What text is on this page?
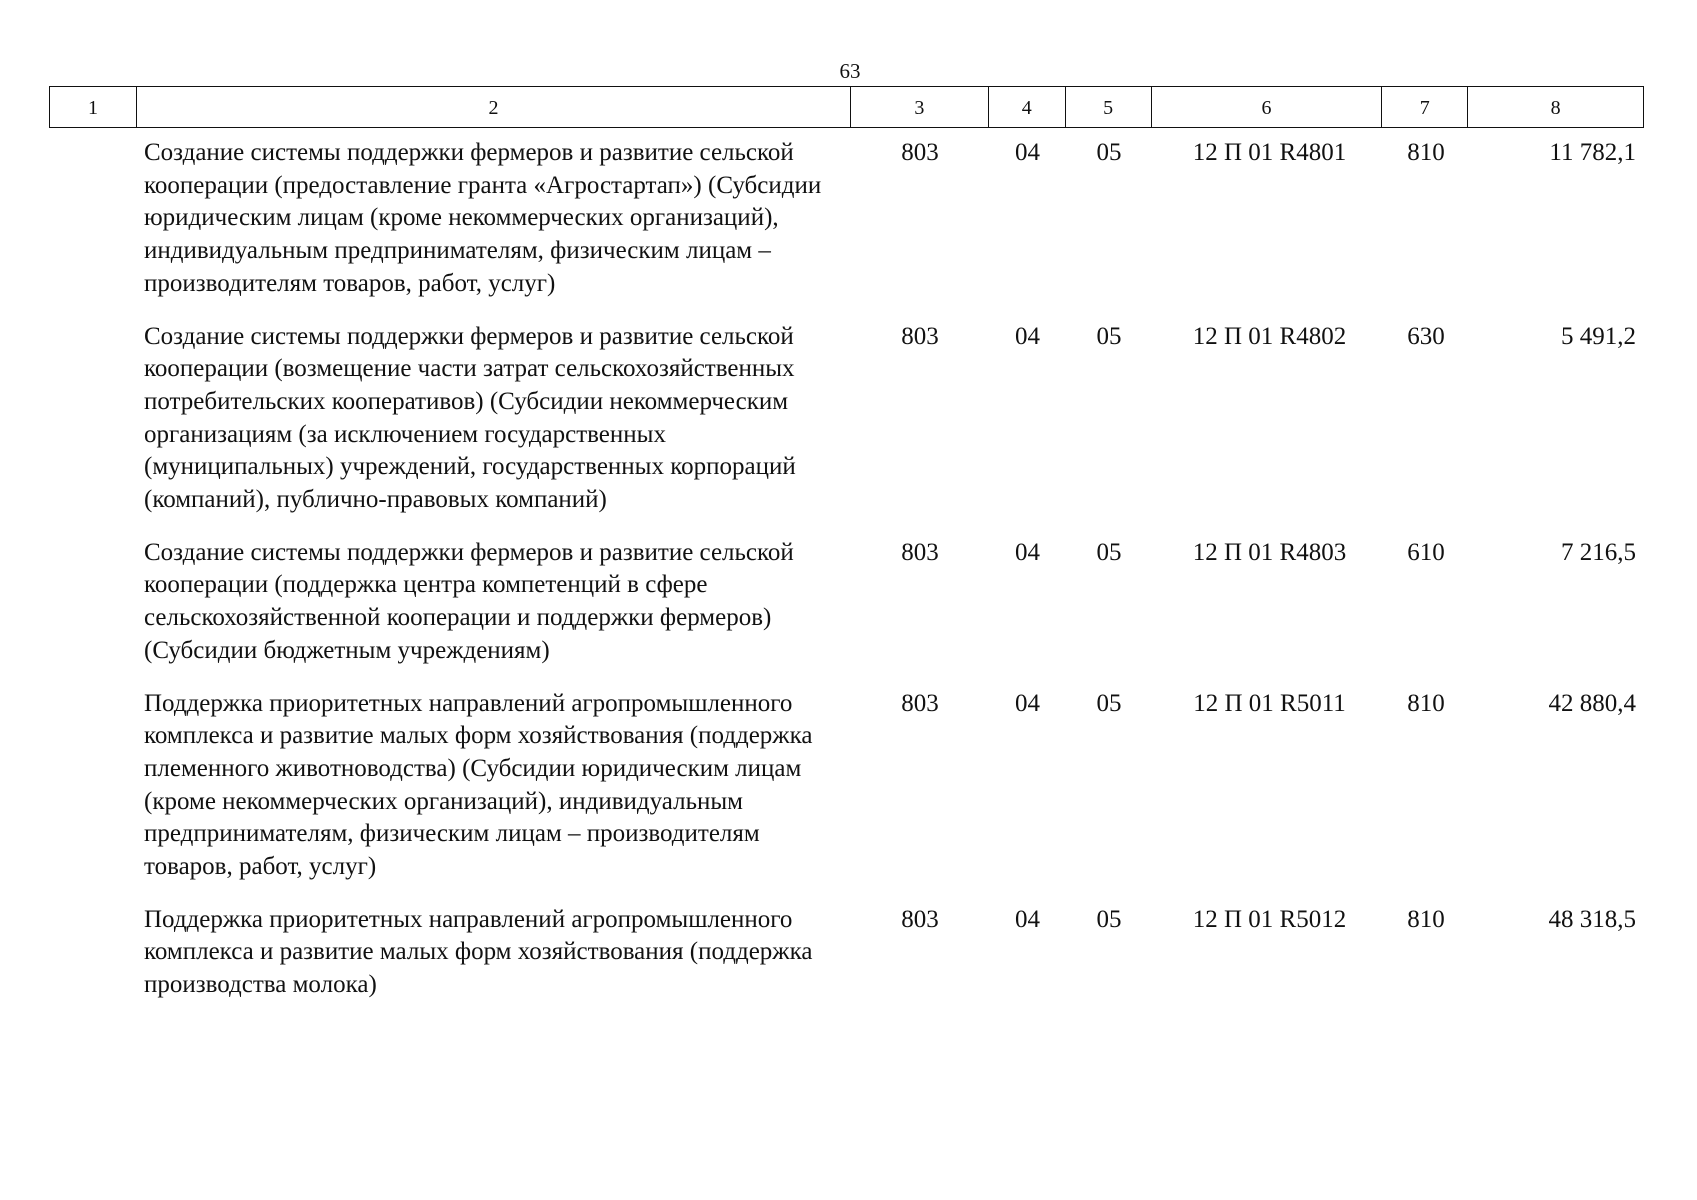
63
1	2	3	4	5	6	7	8
Создание системы поддержки фермеров и развитие сельской кооперации (предоставление гранта «Агростартап») (Субсидии юридическим лицам (кроме некоммерческих организаций), индивидуальным предпринимателям, физическим лицам – производителям товаров, работ, услуг)
803	04	05	12 П 01 R4801	810	11 782,1
Создание системы поддержки фермеров и развитие сельской кооперации (возмещение части затрат сельскохозяйственных потребительских кооперативов) (Субсидии некоммерческим организациям (за исключением государственных (муниципальных) учреждений, государственных корпораций (компаний), публично-правовых компаний)
803	04	05	12 П 01 R4802	630	5 491,2
Создание системы поддержки фермеров и развитие сельской кооперации (поддержка центра компетенций в сфере сельскохозяйственной кооперации и поддержки фермеров) (Субсидии бюджетным учреждениям)
803	04	05	12 П 01 R4803	610	7 216,5
Поддержка приоритетных направлений агропромышленного комплекса и развитие малых форм хозяйствования (поддержка племенного животноводства) (Субсидии юридическим лицам (кроме некоммерческих организаций), индивидуальным предпринимателям, физическим лицам – производителям товаров, работ, услуг)
803	04	05	12 П 01 R5011	810	42 880,4
Поддержка приоритетных направлений агропромышленного комплекса и развитие малых форм хозяйствования (поддержка производства молока)
803	04	05	12 П 01 R5012	810	48 318,5
